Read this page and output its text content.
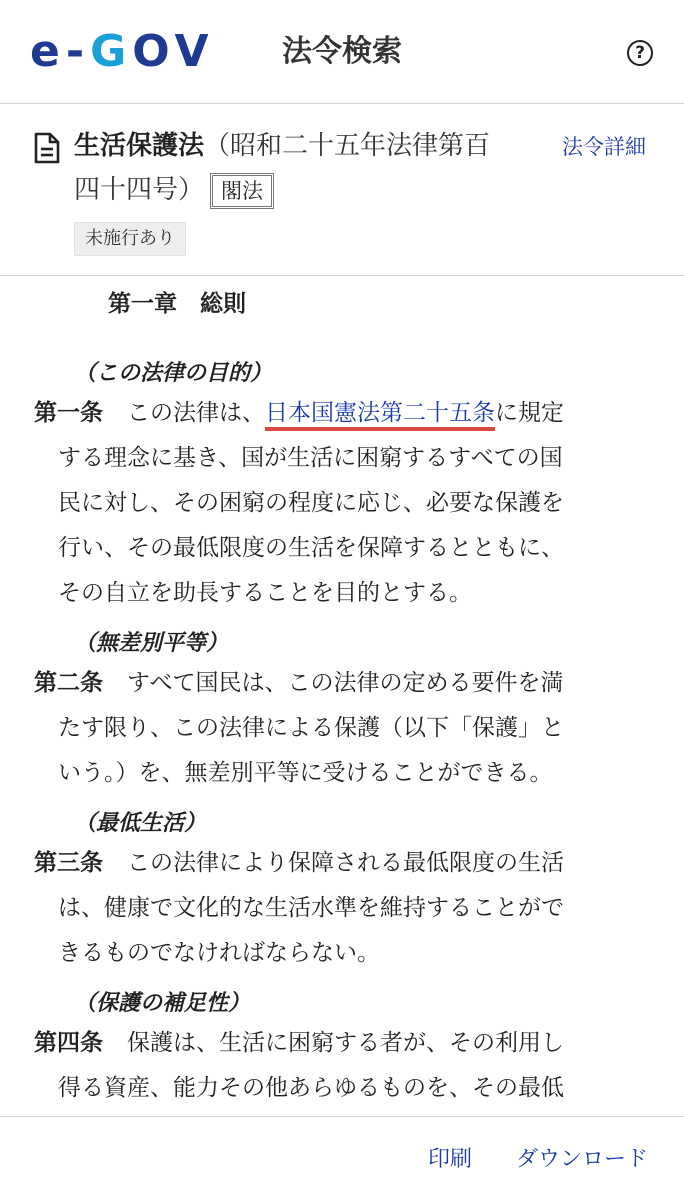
e-GOV 法令検索	?
生活保護法（昭和二十五年法律第百
四十四号） 閣法
法令詳細
未施行あり
第一章　総則
（この法律の目的）
第一条 この法律は、日本国憲法第二十五条に規定
する理念に基き、国が生活に困窮するすべての国
民に対し、その困窮の程度に応じ、必要な保護を
行い、その最低限度の生活を保障するとともに、
その自立を助長することを目的とする。
（無差別平等）
第二条 すべて国民は、この法律の定める要件を満
たす限り、この法律による保護（以下「保護」と
いう。）を、無差別平等に受けることができる。
（最低生活）
第三条 この法律により保障される最低限度の生活
は、健康で文化的な生活水準を維持することがで
きるものでなければならない。
（保護の補足性）
第四条 保護は、生活に困窮する者が、その利用し
得る資産、能力その他あらゆるものを、その最低
印刷 ダウンロード
